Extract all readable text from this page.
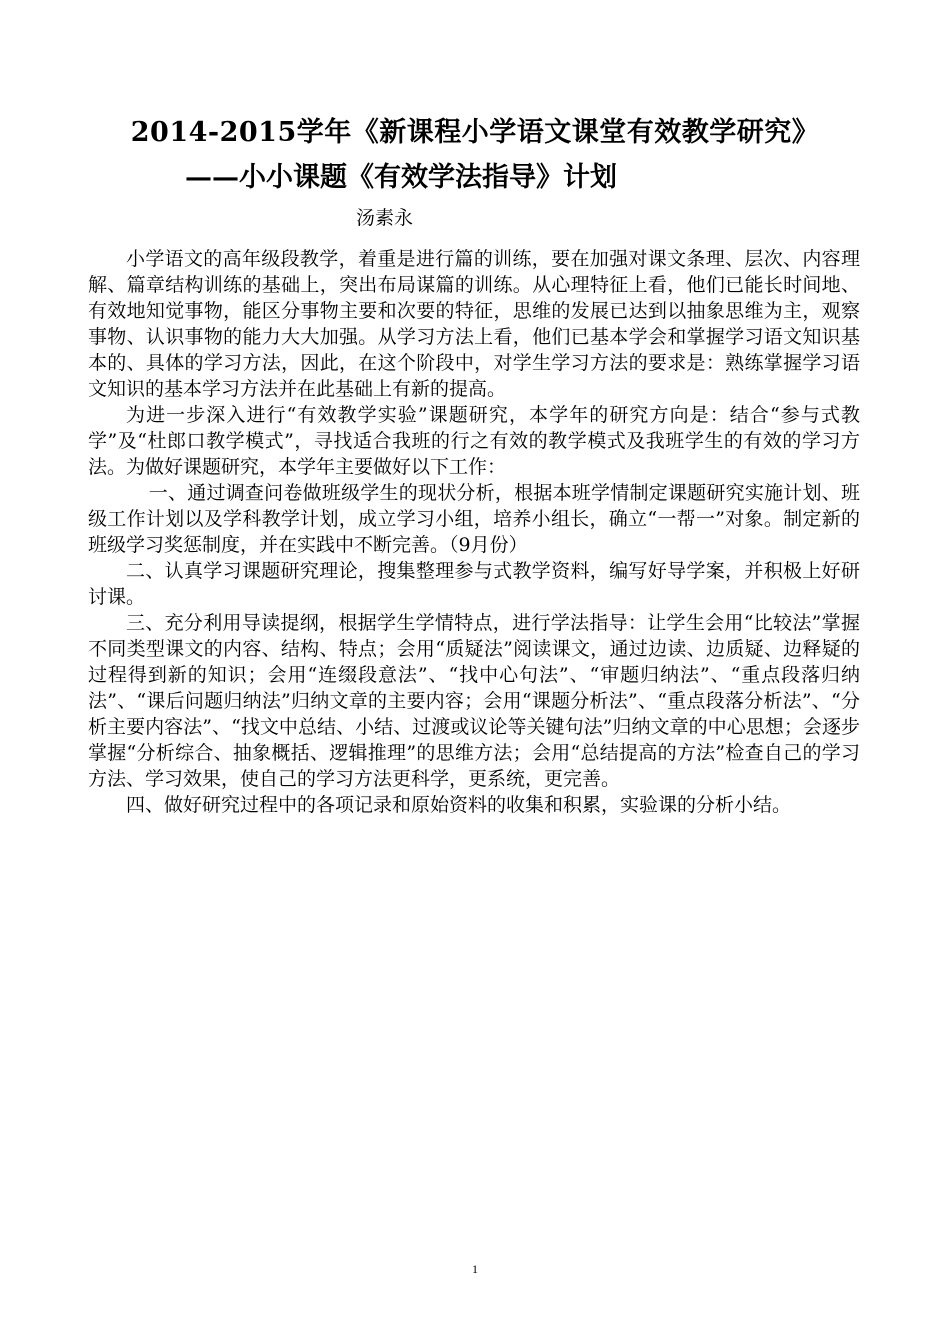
2014-2015学年《新课程小学语文课堂有效教学研究》
——小小课题《有效学法指导》计划
汤素永

小学语文的高年级段教学，着重是进行篇的训练，要在加强对课文条理、层次、内容理解、篇章结构训练的基础上，突出布局谋篇的训练。从心理特征上看，他们已能长时间地、有效地知觉事物，能区分事物主要和次要的特征，思维的发展已达到以抽象思维为主，观察事物、认识事物的能力大大加强。从学习方法上看，他们已基本学会和掌握学习语文知识基本的、具体的学习方法，因此，在这个阶段中，对学生学习方法的要求是：熟练掌握学习语文知识的基本学习方法并在此基础上有新的提高。

为进一步深入进行“有效教学实验”课题研究，本学年的研究方向是：结合“参与式教学”及“杜郎口教学模式”，寻找适合我班的行之有效的教学模式及我班学生的有效的学习方法。为做好课题研究，本学年主要做好以下工作：

一、通过调查问卷做班级学生的现状分析，根据本班学情制定课题研究实施计划、班级工作计划以及学科教学计划，成立学习小组，培养小组长，确立“一帮一”对象。制定新的班级学习奖惩制度，并在实践中不断完善。（9月份）

二、认真学习课题研究理论，搜集整理参与式教学资料，编写好导学案，并积极上好研讨课。

三、充分利用导读提纲，根据学生学情特点，进行学法指导：让学生会用“比较法”掌握不同类型课文的内容、结构、特点；会用“质疑法”阅读课文，通过边读、边质疑、边释疑的过程得到新的知识；会用“连缀段意法”、“找中心句法”、“审题归纳法”、“重点段落归纳法”、“课后问题归纳法”归纳文章的主要内容；会用“课题分析法”、“重点段落分析法”、“分析主要内容法”、“找文中总结、小结、过渡或议论等关键句法”归纳文章的中心思想；会逐步掌握“分析综合、抽象概括、逻辑推理”的思维方法；会用“总结提高的方法”检查自己的学习方法、学习效果，使自己的学习方法更科学，更系统，更完善。

四、做好研究过程中的各项记录和原始资料的收集和积累，实验课的分析小结。

1
